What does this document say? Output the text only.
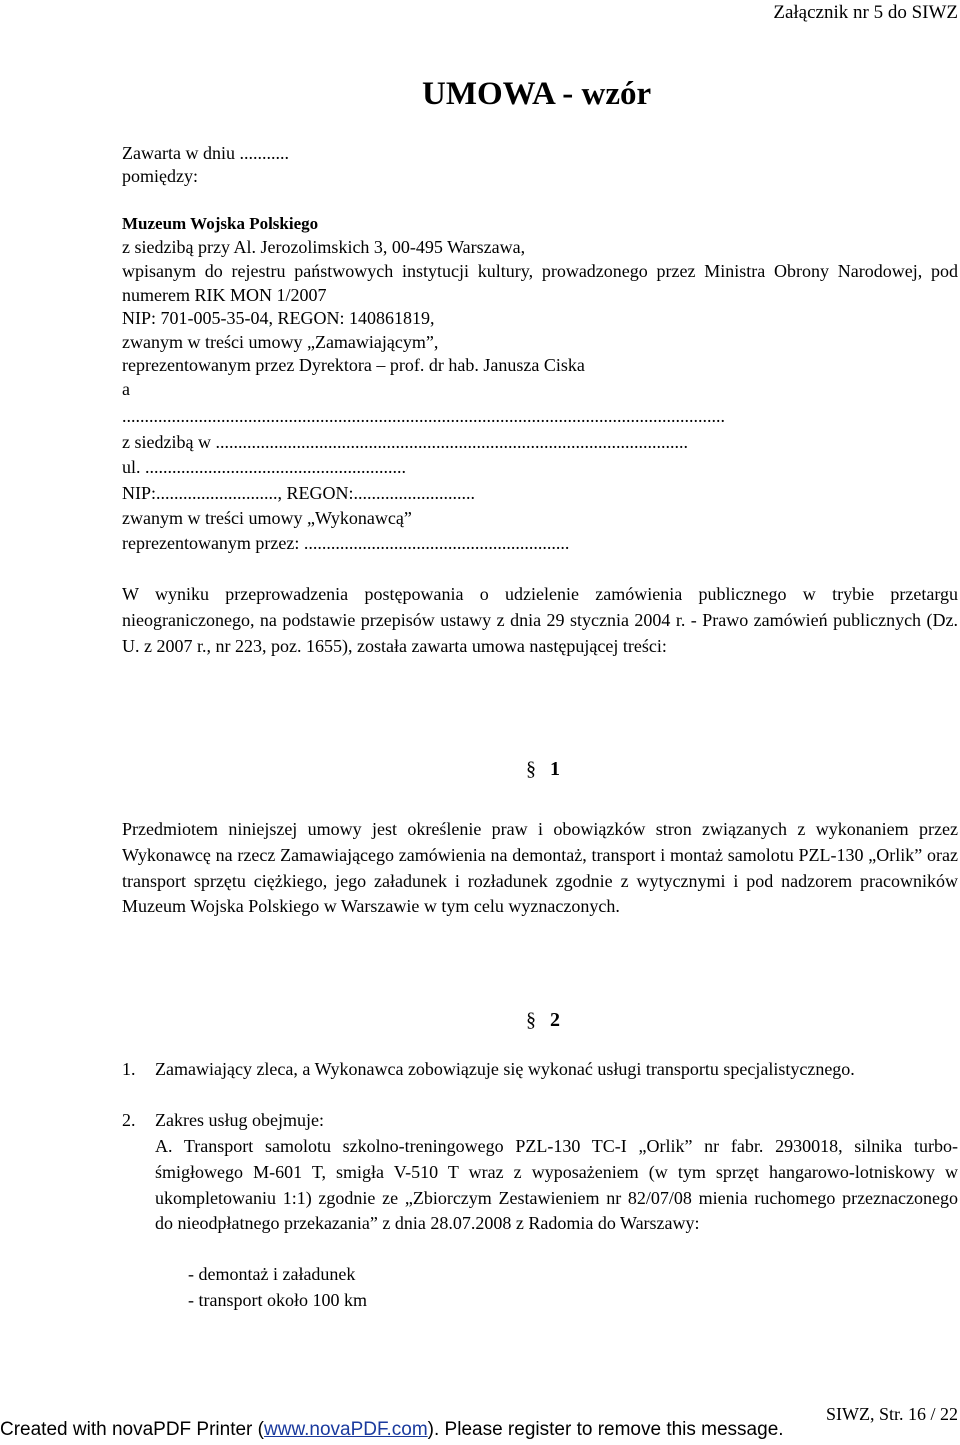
Załącznik nr 5 do SIWZ
UMOWA - wzór
Zawarta w dniu ...........
pomiędzy:
Muzeum Wojska Polskiego
z siedzibą przy Al. Jerozolimskich 3, 00-495 Warszawa,
wpisanym do rejestru państwowych instytucji kultury, prowadzonego przez Ministra Obrony Narodowej, pod numerem RIK MON 1/2007
NIP: 701-005-35-04, REGON: 140861819,
zwanym w treści umowy „Zamawiającym”,
reprezentowanym przez Dyrektora – prof. dr hab. Janusza Ciska
a
......................................................................................................................................
z siedzibą w .........................................................................................................
ul. ..........................................................
NIP:..........................., REGON:...........................
zwanym w treści umowy „Wykonawcą”
reprezentowanym przez: ...........................................................
W wyniku przeprowadzenia postępowania o udzielenie zamówienia publicznego w trybie przetargu nieograniczonego, na podstawie przepisów ustawy z dnia 29 stycznia 2004 r. - Prawo zamówień publicznych (Dz. U. z 2007 r., nr 223, poz. 1655), została zawarta umowa następującej treści:
§ 1
Przedmiotem niniejszej umowy jest określenie praw i obowiązków stron związanych z wykonaniem przez Wykonawcę na rzecz Zamawiającego zamówienia na demontaż, transport i montaż samolotu PZL-130 „Orlik” oraz transport sprzętu ciężkiego, jego załadunek i rozładunek zgodnie z wytycznymi i pod nadzorem pracowników Muzeum Wojska Polskiego w Warszawie w tym celu wyznaczonych.
§ 2
1. Zamawiający zleca, a Wykonawca zobowiązuje się wykonać usługi transportu specjalistycznego.
2. Zakres usług obejmuje:
A. Transport samolotu szkolno-treningowego PZL-130 TC-I „Orlik” nr fabr. 2930018, silnika turbo-śmigłowego M-601 T, smigła V-510 T wraz z wyposażeniem (w tym sprzęt hangarowo-lotniskowy w ukompletowaniu 1:1) zgodnie ze „Zbiorczym Zestawieniem nr 82/07/08 mienia ruchomego przeznaczonego do nieodpłatnego przekazania” z dnia 28.07.2008 z Radomia do Warszawy:
- demontaż i załadunek
- transport około 100 km
SIWZ, Str. 16 / 22
Created with novaPDF Printer (www.novaPDF.com). Please register to remove this message.
